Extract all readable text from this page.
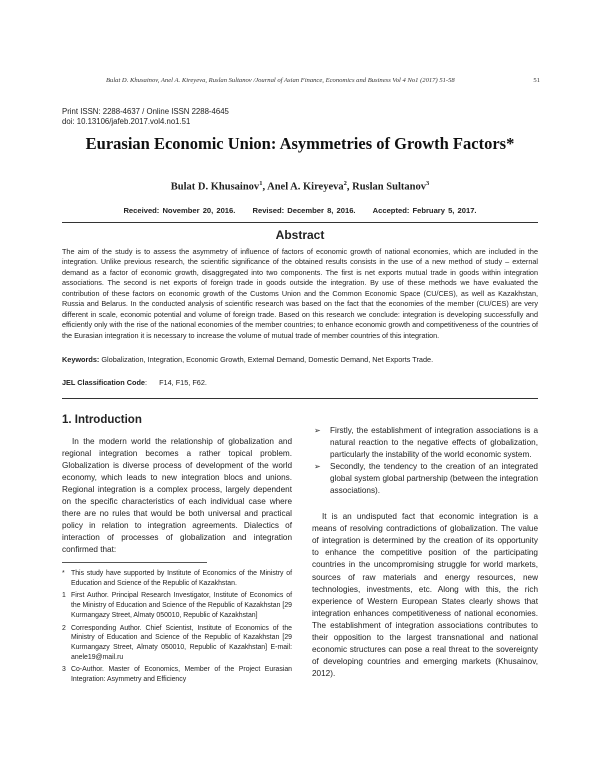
Bulat D. Khusainov, Anel A. Kireyeva, Ruslan Sultanov /Journal of Asian Finance, Economics and Business Vol 4 No1 (2017) 51-58	51
Print ISSN: 2288-4637 / Online ISSN 2288-4645
doi: 10.13106/jafeb.2017.vol4.no1.51
Eurasian Economic Union: Asymmetries of Growth Factors*
Bulat D. Khusainov$^1$, Anel A. Kireyeva$^2$, Ruslan Sultanov$^3$
Received: November 20, 2016. Revised: December 8, 2016. Accepted: February 5, 2017.
Abstract
The aim of the study is to assess the asymmetry of influence of factors of economic growth of national economies, which are included in the integration. Unlike previous research, the scientific significance of the obtained results consists in the use of a new method of study – external demand as a factor of economic growth, disaggregated into two components. The first is net exports mutual trade in goods within integration associations. The second is net exports of foreign trade in goods outside the integration. By use of these methods we have evaluated the contribution of these factors on economic growth of the Customs Union and the Common Economic Space (CU/CES), as well as Kazakhstan, Russia and Belarus. In the conducted analysis of scientific research was based on the fact that the economies of the member (CU/CES) are very different in scale, economic potential and volume of foreign trade. Based on this research we conclude: integration is developing successfully and efficiently only with the rise of the national economies of the member countries; to enhance economic growth and competitiveness of the countries of the Eurasian integration it is necessary to increase the volume of mutual trade of member countries of this integration.
Keywords: Globalization, Integration, Economic Growth, External Demand, Domestic Demand, Net Exports Trade.
JEL Classification Code: F14, F15, F62.
1. Introduction
In the modern world the relationship of globalization and regional integration becomes a rather topical problem. Globalization is diverse process of development of the world economy, which leads to new integration blocs and unions. Regional integration is a complex process, largely dependent on the specific characteristics of each individual case where there are no rules that would be both universal and practical policy in relation to integration agreements. Dialectics of interaction of processes of globalization and integration confirmed that:
* This study have supported by Institute of Economics of the Ministry of Education and Science of the Republic of Kazakhstan.
1 First Author. Principal Research Investigator, Institute of Economics of the Ministry of Education and Science of the Republic of Kazakhstan [29 Kurmangazy Street, Almaty 050010, Republic of Kazakhstan]
2 Corresponding Author. Chief Scientist, Institute of Economics of the Ministry of Education and Science of the Republic of Kazakhstan [29 Kurmangazy Street, Almaty 050010, Republic of Kazakhstan] E-mail: anele19@mail.ru
3 Co-Author. Master of Economics, Member of the Project Eurasian Integration: Asymmetry and Efficiency
➢	Firstly, the establishment of integration associations is a natural reaction to the negative effects of globalization, particularly the instability of the world economic system.
➢	Secondly, the tendency to the creation of an integrated global system global partnership (between the integration associations).
It is an undisputed fact that economic integration is a means of resolving contradictions of globalization. The value of integration is determined by the creation of its opportunity to enhance the competitive position of the participating countries in the uncompromising struggle for world markets, sources of raw materials and energy resources, new technologies, investments, etc. Along with this, the rich experience of Western European States clearly shows that integration enhances competitiveness of national economies. The establishment of integration associations contributes to their opposition to the largest transnational and national economic structures can pose a real threat to the sovereignty of developing countries and emerging markets (Khusainov, 2012).
